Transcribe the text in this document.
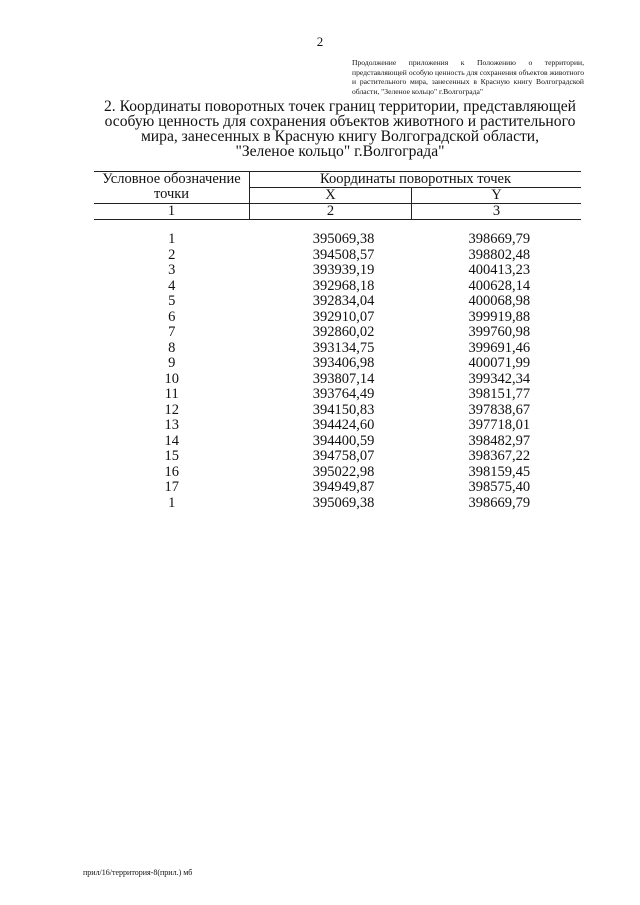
2
Продолжение приложения к Положению о территории, представляющей особую ценность для сохранения объектов животного и растительного мира, занесенных в Красную книгу Волгоградской области, "Зеленое кольцо" г.Волгограда"
2. Координаты поворотных точек границ территории, представляющей
особую ценность для сохранения объектов животного и растительного
мира, занесенных в Красную книгу Волгоградской области,
"Зеленое кольцо" г.Волгограда"
Условное обозначение точки	Координаты поворотных точек	
	X	Y
1	2	3

1	395069,38	398669,79
2	394508,57	398802,48
3	393939,19	400413,23
4	392968,18	400628,14
5	392834,04	400068,98
6	392910,07	399919,88
7	392860,02	399760,98
8	393134,75	399691,46
9	393406,98	400071,99
10	393807,14	399342,34
11	393764,49	398151,77
12	394150,83	397838,67
13	394424,60	397718,01
14	394400,59	398482,97
15	394758,07	398367,22
16	395022,98	398159,45
17	394949,87	398575,40
1	395069,38	398669,79
прил/16/территория-8(прил.) мб
